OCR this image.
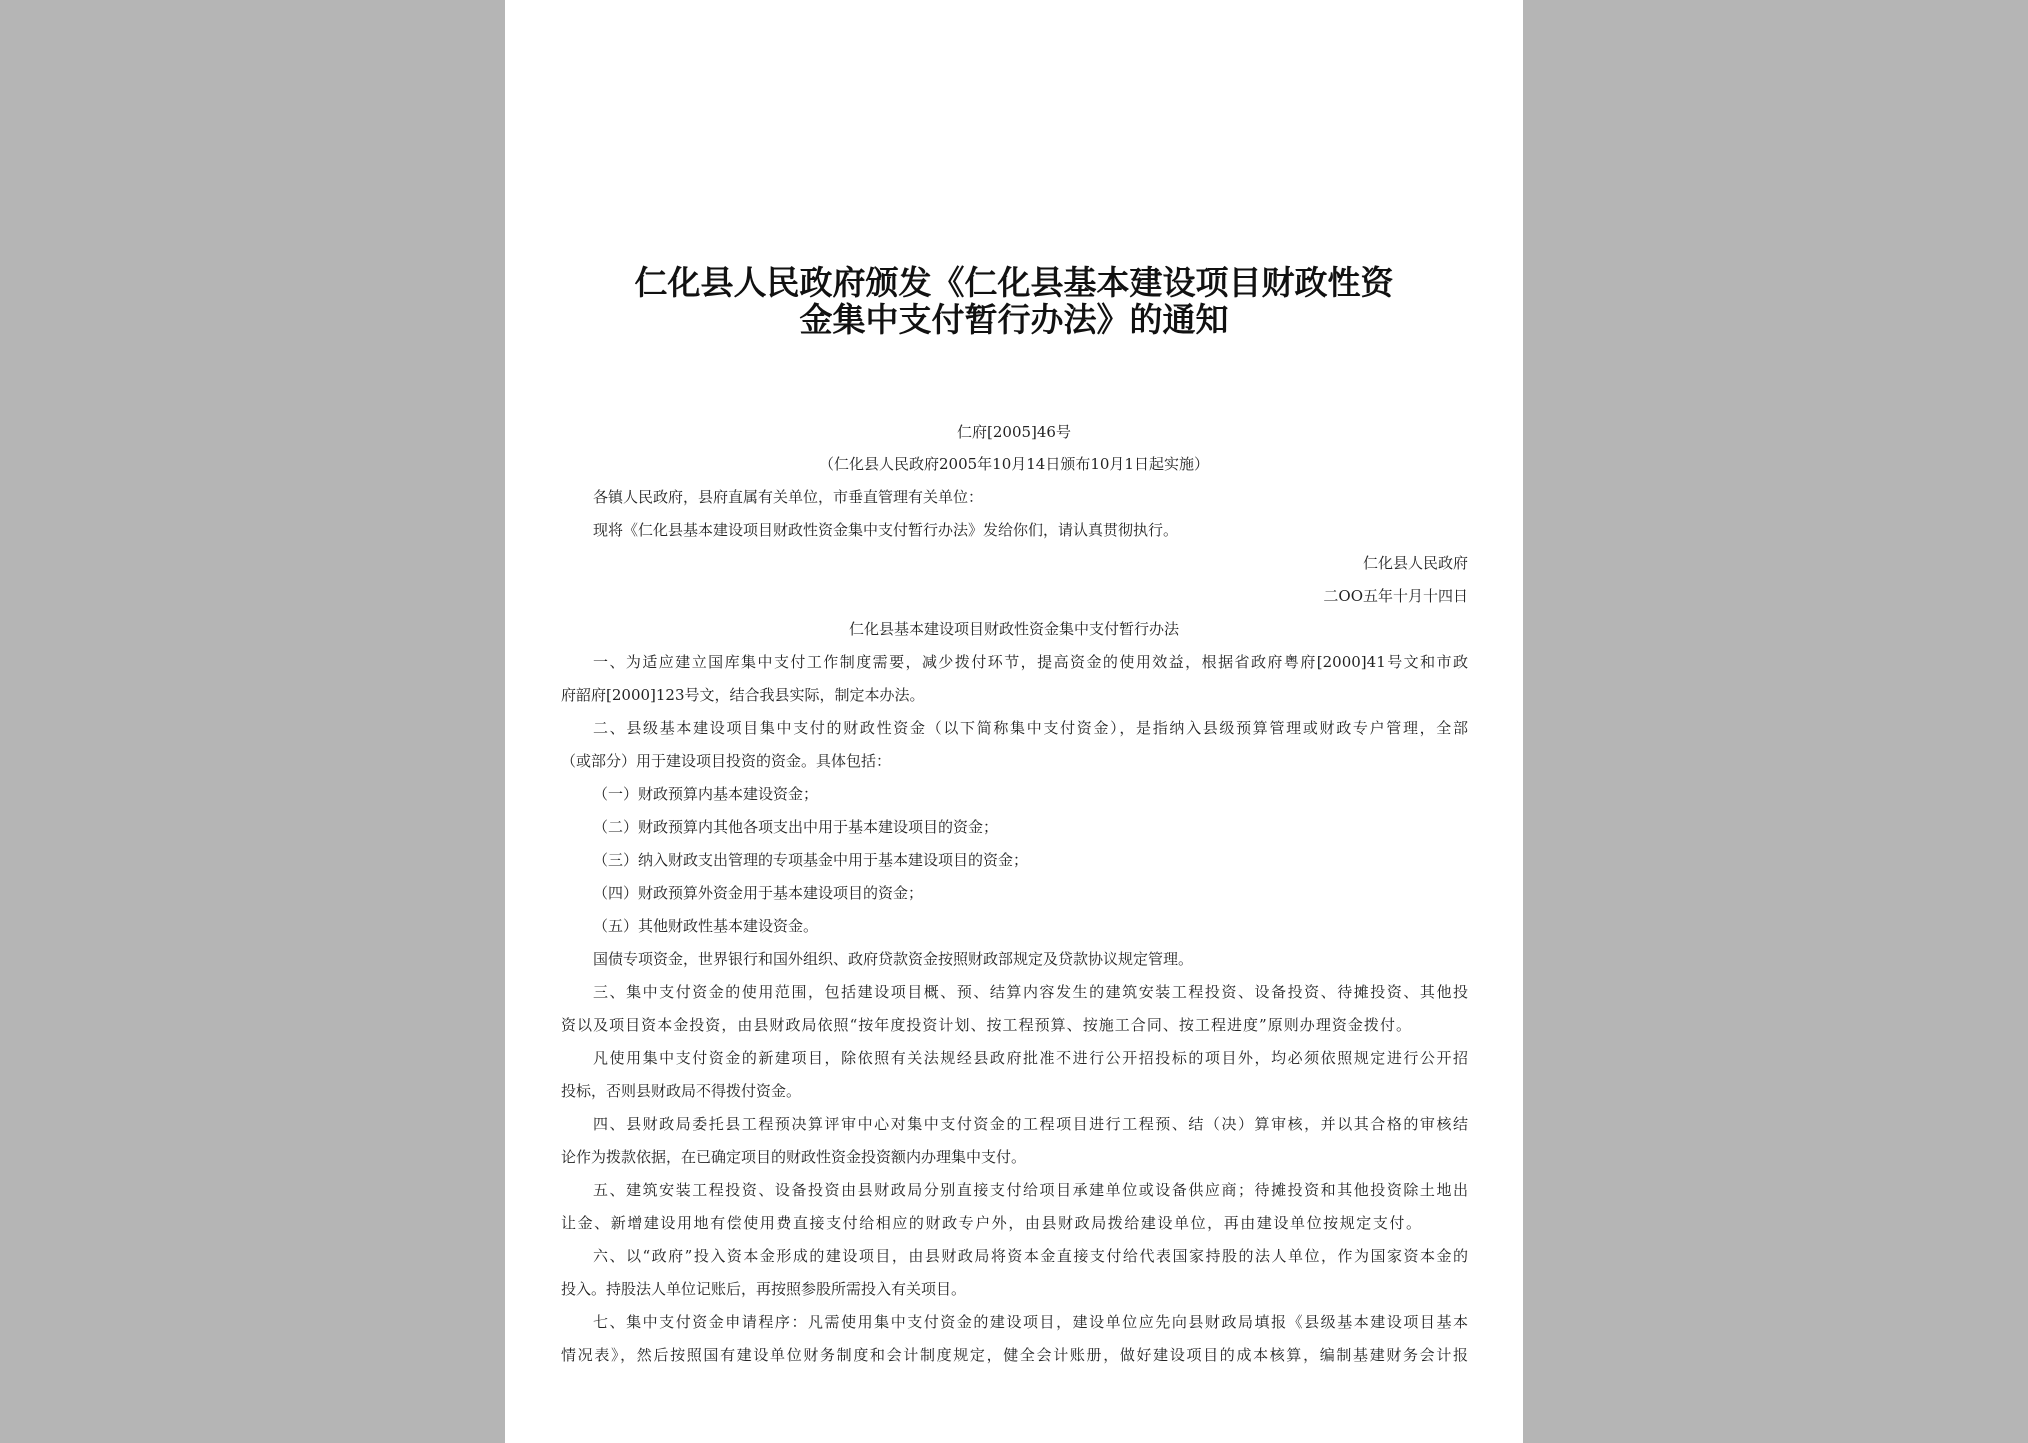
仁化县人民政府颁发《仁化县基本建设项目财政性资
金集中支付暂行办法》的通知
仁府[2005]46号
（仁化县人民政府2005年10月14日颁布10月1日起实施）
各镇人民政府，县府直属有关单位，市垂直管理有关单位：
现将《仁化县基本建设项目财政性资金集中支付暂行办法》发给你们，请认真贯彻执行。
仁化县人民政府
二OO五年十月十四日
仁化县基本建设项目财政性资金集中支付暂行办法
一、为适应建立国库集中支付工作制度需要，减少拨付环节，提高资金的使用效益，根据省政府粤府[2000]41号文和市政
府韶府[2000]123号文，结合我县实际，制定本办法。
二、县级基本建设项目集中支付的财政性资金（以下简称集中支付资金），是指纳入县级预算管理或财政专户管理，全部
（或部分）用于建设项目投资的资金。具体包括：
（一）财政预算内基本建设资金；
（二）财政预算内其他各项支出中用于基本建设项目的资金；
（三）纳入财政支出管理的专项基金中用于基本建设项目的资金；
（四）财政预算外资金用于基本建设项目的资金；
（五）其他财政性基本建设资金。
国债专项资金，世界银行和国外组织、政府贷款资金按照财政部规定及贷款协议规定管理。
三、集中支付资金的使用范围，包括建设项目概、预、结算内容发生的建筑安装工程投资、设备投资、待摊投资、其他投
资以及项目资本金投资，由县财政局依照“按年度投资计划、按工程预算、按施工合同、按工程进度”原则办理资金拨付。
凡使用集中支付资金的新建项目，除依照有关法规经县政府批准不进行公开招投标的项目外，均必须依照规定进行公开招
投标，否则县财政局不得拨付资金。
四、县财政局委托县工程预决算评审中心对集中支付资金的工程项目进行工程预、结（决）算审核，并以其合格的审核结
论作为拨款依据，在已确定项目的财政性资金投资额内办理集中支付。
五、建筑安装工程投资、设备投资由县财政局分别直接支付给项目承建单位或设备供应商；待摊投资和其他投资除土地出
让金、新增建设用地有偿使用费直接支付给相应的财政专户外，由县财政局拨给建设单位，再由建设单位按规定支付。
六、以“政府”投入资本金形成的建设项目，由县财政局将资本金直接支付给代表国家持股的法人单位，作为国家资本金的
投入。持股法人单位记账后，再按照参股所需投入有关项目。
七、集中支付资金申请程序：凡需使用集中支付资金的建设项目，建设单位应先向县财政局填报《县级基本建设项目基本
情况表》，然后按照国有建设单位财务制度和会计制度规定，健全会计账册，做好建设项目的成本核算，编制基建财务会计报
